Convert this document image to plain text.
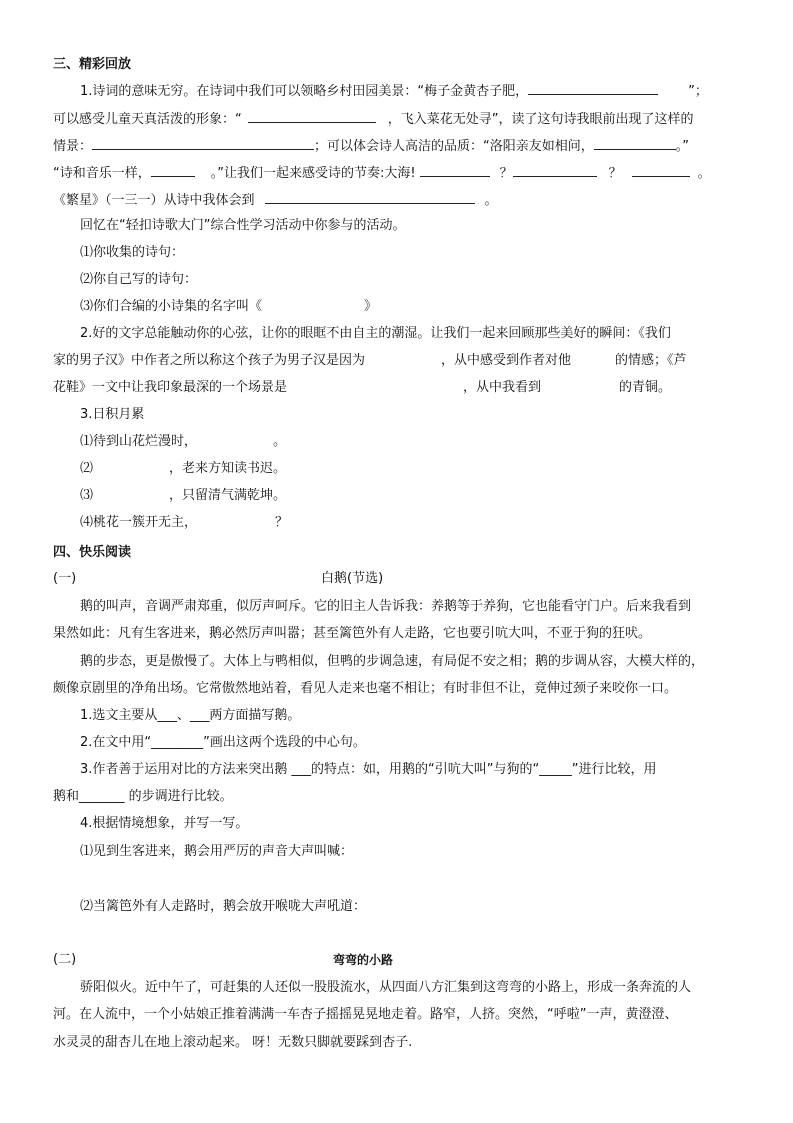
三、精彩回放
1.诗词的意味无穷。在诗词中我们可以领略乡村田园美景：“梅子金黄杏子肥，	”；
可以感受儿童天真活泼的形象：“	，飞入菜花无处寻”，读了这句诗我眼前出现了这样的
情景：	；可以体会诗人高洁的品质：“洛阳亲友如相问，	。”
“诗和音乐一样，	。”让我们一起来感受诗的节奏:大海!	？	？	。
《繁星》（一三一）从诗中我体会到	。
回忆在“轻扣诗歌大门”综合性学习活动中你参与的活动。
⑴你收集的诗句：
⑵你自己写的诗句：
⑶你们合编的小诗集的名字叫《	》
2.好的文字总能触动你的心弦，让你的眼眶不由自主的潮湿。让我们一起来回顾那些美好的瞬间：《我们
家的男子汉》中作者之所以称这个孩子为男子汉是因为	，从中感受到作者对他	的情感；《芦
花鞋》一文中让我印象最深的一个场景是	，从中我看到	的青铜。
3.日积月累
⑴待到山花烂漫时，	。
⑵	，老来方知读书迟。
⑶	，只留清气满乾坤。
⑷桃花一簇开无主，	？
四、快乐阅读
(一)	白鹅(节选)
鹅的叫声，音调严肃郑重，似厉声呵斥。它的旧主人告诉我：养鹅等于养狗，它也能看守门户。后来我看到
果然如此：凡有生客进来，鹅必然厉声叫嚣；甚至篱笆外有人走路，它也要引吭大叫，不亚于狗的狂吠。
鹅的步态，更是傲慢了。大体上与鸭相似，但鸭的步调急速，有局促不安之相；鹅的步调从容，大模大样的，
颇像京剧里的净角出场。它常傲然地站着，看见人走来也毫不相让；有时非但不让，竟伸过颈子来咬你一口。
1.选文主要从___、___两方面描写鹅。
2.在文中用“________”画出这两个选段的中心句。
3.作者善于运用对比的方法来突出鹅 ___的特点：如，用鹅的“引吭大叫”与狗的“_____”进行比较，用
鹅和_______ 的步调进行比较。
4.根据情境想象，并写一写。
⑴见到生客进来，鹅会用严厉的声音大声叫喊：
⑵当篱笆外有人走路时，鹅会放开喉咙大声吼道：
(二)	弯弯的小路
骄阳似火。近中午了，可赶集的人还似一股股流水，从四面八方汇集到这弯弯的小路上，形成一条奔流的人
河。在人流中，一个小姑娘正推着满满一车杏子摇摇晃晃地走着。路窄，人挤。突然，“呼啦”一声，黄澄澄、
水灵灵的甜杏儿在地上滚动起来。 呀！无数只脚就要踩到杏子.
